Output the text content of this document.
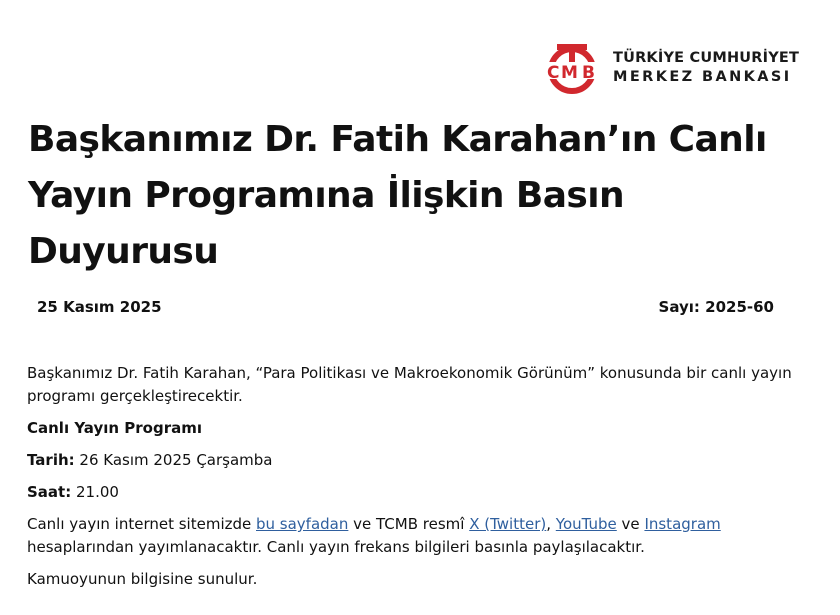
C M B
TÜRKİYE CUMHURİYET
MERKEZ BANKASI
Başkanımız Dr. Fatih Karahan’ın Canlı Yayın Programına İlişkin Basın Duyurusu
25 Kasım 2025	Sayı: 2025-60

Başkanımız Dr. Fatih Karahan, “Para Politikası ve Makroekonomik Görünüm” konusunda bir canlı yayın programı gerçekleştirecektir.

Canlı Yayın Programı

Tarih: 26 Kasım 2025 Çarşamba

Saat: 21.00

Canlı yayın internet sitemizde bu sayfadan ve TCMB resmî X (Twitter), YouTube ve Instagram hesaplarından yayımlanacaktır. Canlı yayın frekans bilgileri basınla paylaşılacaktır.

Kamuoyunun bilgisine sunulur.
